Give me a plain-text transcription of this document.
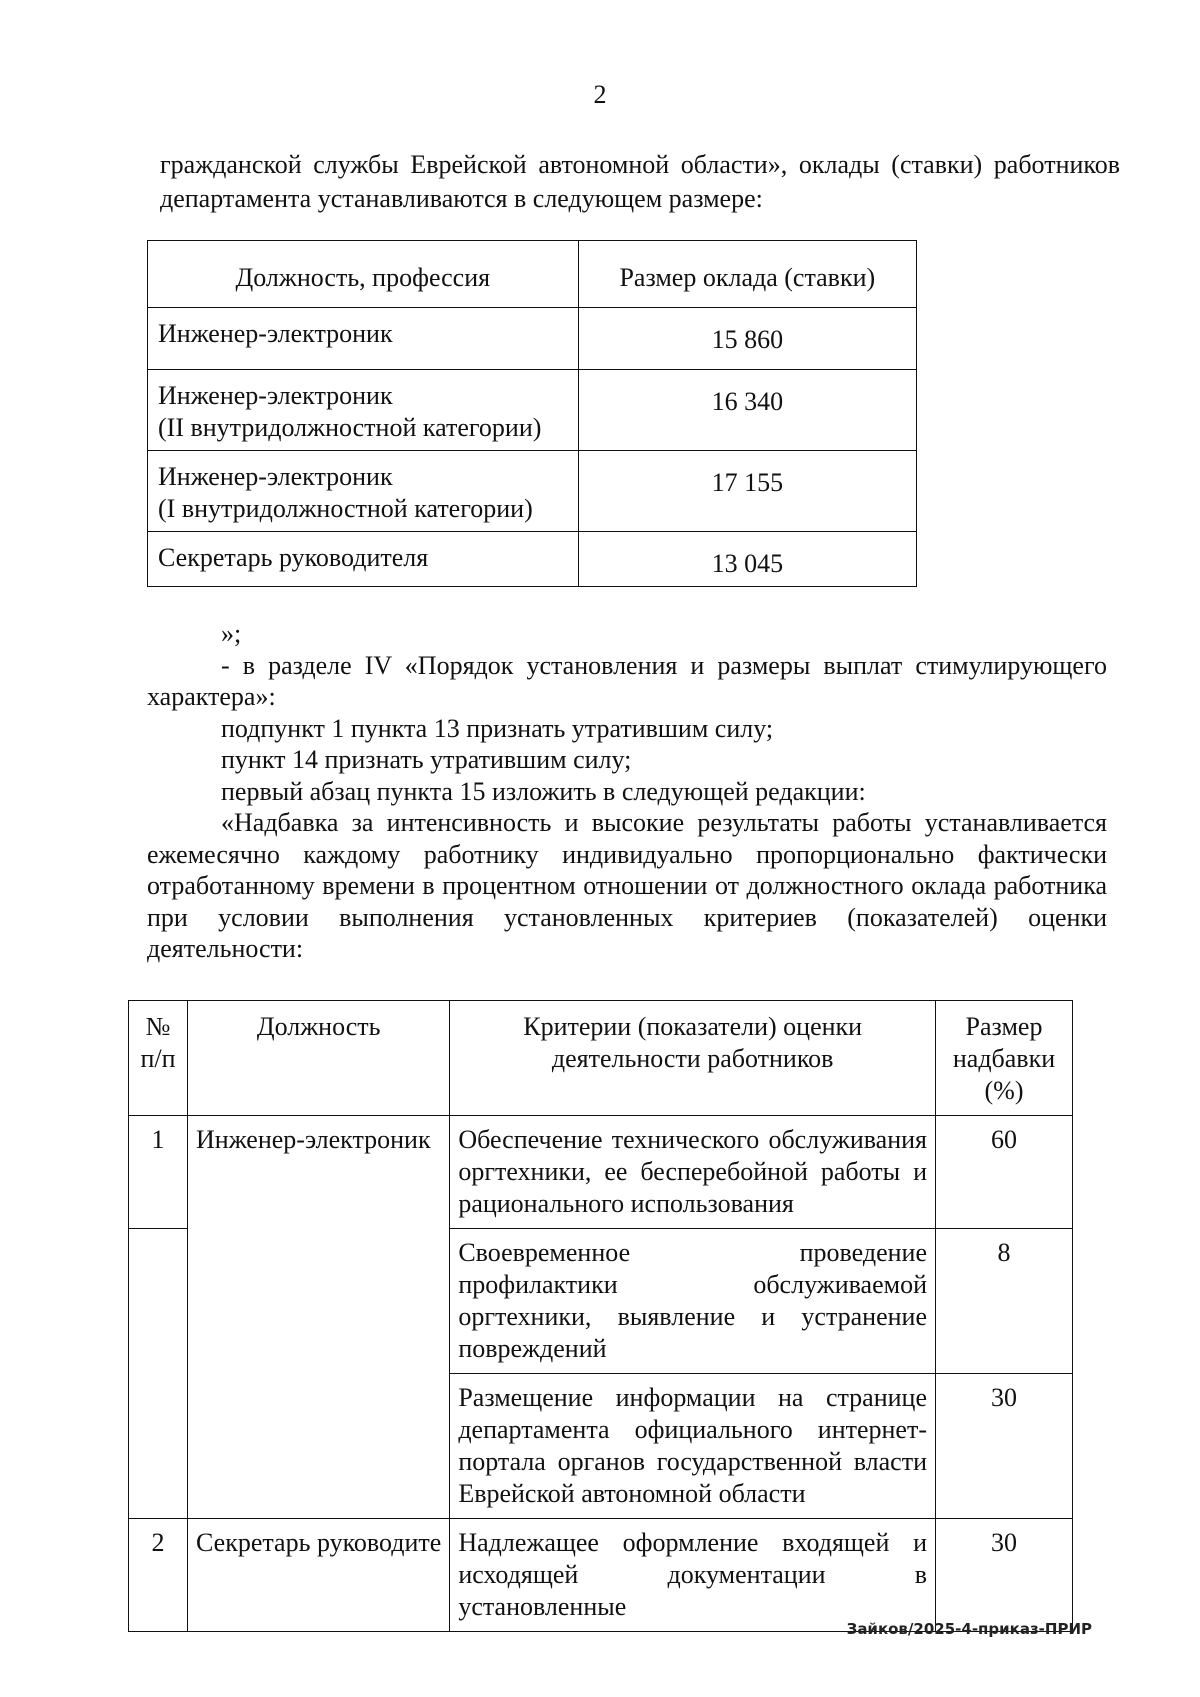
2
гражданской службы Еврейской автономной области», оклады (ставки) работников департамента устанавливаются в следующем размере:
Должность, профессия	Размер оклада (ставки)
Инженер-электроник	15 860
Инженер-электроник
(II внутридолжностной категории)	16 340
Инженер-электроник
(I внутридолжностной категории)	17 155
Секретарь руководителя	13 045

»;

- в разделе IV «Порядок установления и размеры выплат стимулирующего характера»:

подпункт 1 пункта 13 признать утратившим силу;

пункт 14 признать утратившим силу;

первый абзац пункта 15 изложить в следующей редакции:

«Надбавка за интенсивность и высокие результаты работы устанавливается ежемесячно каждому работнику индивидуально пропорционально фактически отработанному времени в процентном отношении от должностного оклада работника при условии выполнения установленных критериев (показателей) оценки деятельности:

№ п/п	Должность	Критерии (показатели) оценки деятельности работников	Размер надбавки (%)
1	Инженер-электроник	Обеспечение технического обслуживания оргтехники, ее бесперебойной работы и рационального использования	60
		Своевременное проведение профилактики обслуживаемой оргтехники, выявление и устранение повреждений	8
		Размещение информации на странице департамента официального интернет-портала органов государственной власти Еврейской автономной области	30
2	Секретарь руководите	Надлежащее оформление входящей и исходящей документации в установленные	30
Зайков/2025-4-приказ-ПРИР
